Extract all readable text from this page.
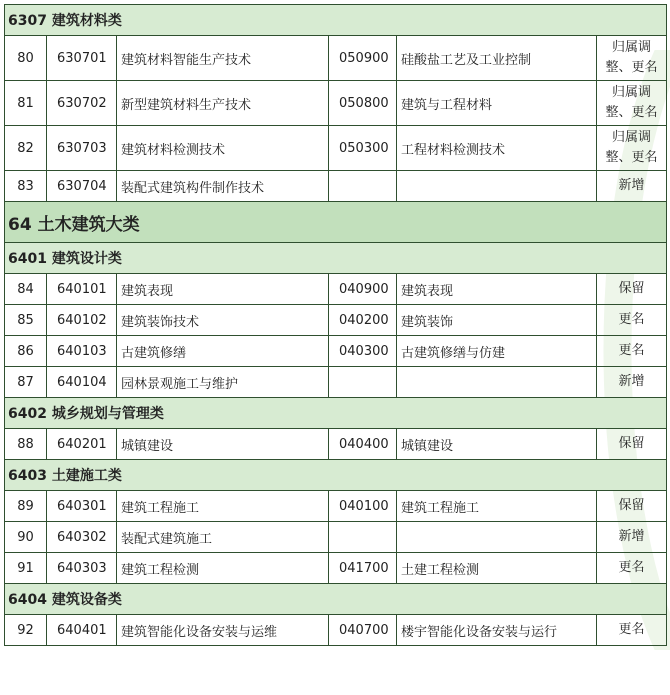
6307 建筑材料类					
80	630701	建筑材料智能生产技术	050900	硅酸盐工艺及工业控制	归属调整、更名
81	630702	新型建筑材料生产技术	050800	建筑与工程材料	归属调整、更名
82	630703	建筑材料检测技术	050300	工程材料检测技术	归属调整、更名
83	630704	装配式建筑构件制作技术			新增
64 土木建筑大类					
6401 建筑设计类					
84	640101	建筑表现	040900	建筑表现	保留
85	640102	建筑装饰技术	040200	建筑装饰	更名
86	640103	古建筑修缮	040300	古建筑修缮与仿建	更名
87	640104	园林景观施工与维护			新增
6402 城乡规划与管理类					
88	640201	城镇建设	040400	城镇建设	保留
6403 土建施工类					
89	640301	建筑工程施工	040100	建筑工程施工	保留
90	640302	装配式建筑施工			新增
91	640303	建筑工程检测	041700	土建工程检测	更名
6404 建筑设备类					
92	640401	建筑智能化设备安装与运维	040700	楼宇智能化设备安装与运行	更名
